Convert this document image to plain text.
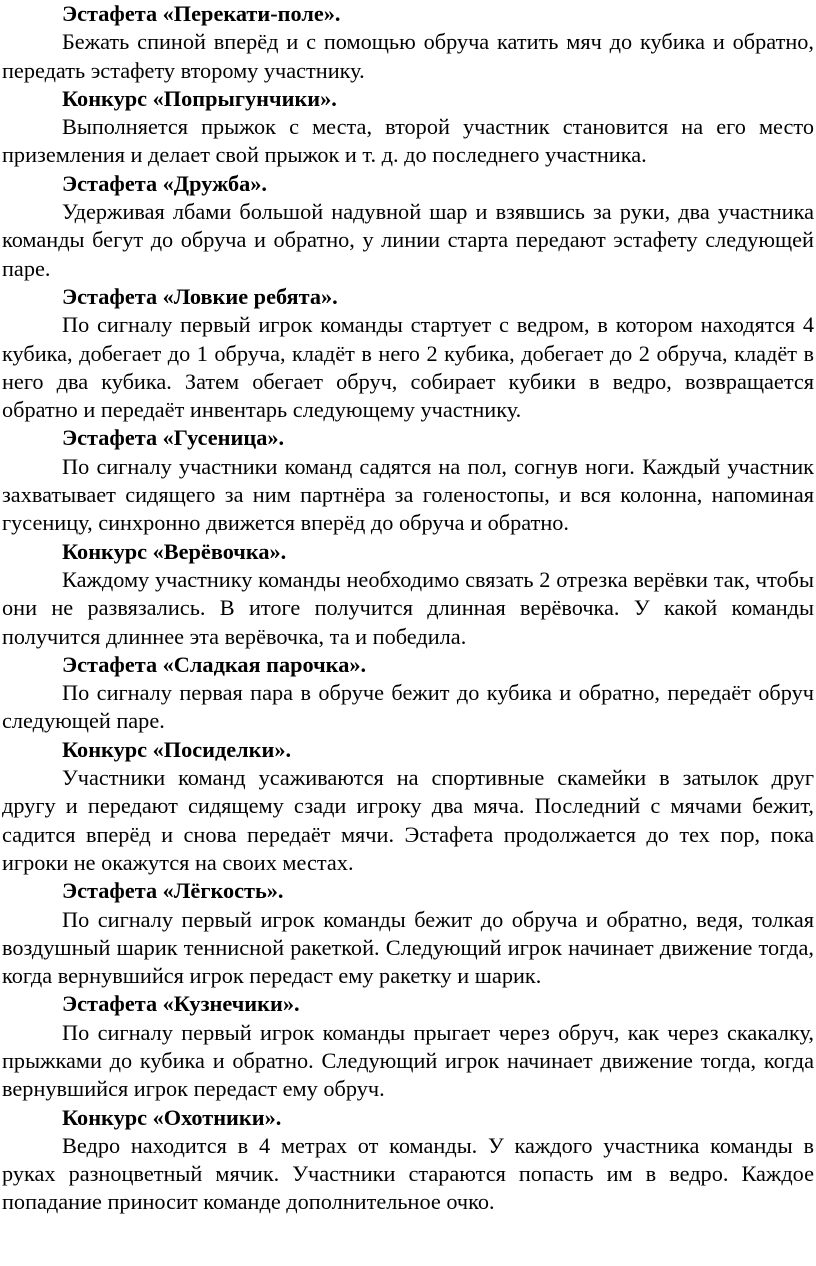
Эстафета «Перекати-поле».

Бежать спиной вперёд и с помощью обруча катить мяч до кубика и обратно, передать эстафету второму участнику.

Конкурс «Попрыгунчики».

Выполняется прыжок с места, второй участник становится на его место приземления и делает свой прыжок и т. д. до последнего участника.

Эстафета «Дружба».

Удерживая лбами большой надувной шар и взявшись за руки, два участника команды бегут до обруча и обратно, у линии старта передают эстафету следующей паре.

Эстафета «Ловкие ребята».

По сигналу первый игрок команды стартует с ведром, в котором находятся 4 кубика, добегает до 1 обруча, кладёт в него 2 кубика, добегает до 2 обруча, кладёт в него два кубика. Затем обегает обруч, собирает кубики в ведро, возвращается обратно и передаёт инвентарь следующему участнику.

Эстафета «Гусеница».

По сигналу участники команд садятся на пол, согнув ноги. Каждый участник захватывает сидящего за ним партнёра за голеностопы, и вся колонна, напоминая гусеницу, синхронно движется вперёд до обруча и обратно.

Конкурс «Верёвочка».

Каждому участнику команды необходимо связать 2 отрезка верёвки так, чтобы они не развязались. В итоге получится длинная верёвочка. У какой команды получится длиннее эта верёвочка, та и победила.

Эстафета «Сладкая парочка».

По сигналу первая пара в обруче бежит до кубика и обратно, передаёт обруч следующей паре.

Конкурс «Посиделки».

Участники команд усаживаются на спортивные скамейки в затылок друг другу и передают сидящему сзади игроку два мяча. Последний с мячами бежит, садится вперёд и снова передаёт мячи. Эстафета продолжается до тех пор, пока игроки не окажутся на своих местах.

Эстафета «Лёгкость».

По сигналу первый игрок команды бежит до обруча и обратно, ведя, толкая воздушный шарик теннисной ракеткой. Следующий игрок начинает движение тогда, когда вернувшийся игрок передаст ему ракетку и шарик.

Эстафета «Кузнечики».

По сигналу первый игрок команды прыгает через обруч, как через скакалку, прыжками до кубика и обратно. Следующий игрок начинает движение тогда, когда вернувшийся игрок передаст ему обруч.

Конкурс «Охотники».

Ведро находится в 4 метрах от команды. У каждого участника команды в руках разноцветный мячик. Участники стараются попасть им в ведро. Каждое попадание приносит команде дополнительное очко.
